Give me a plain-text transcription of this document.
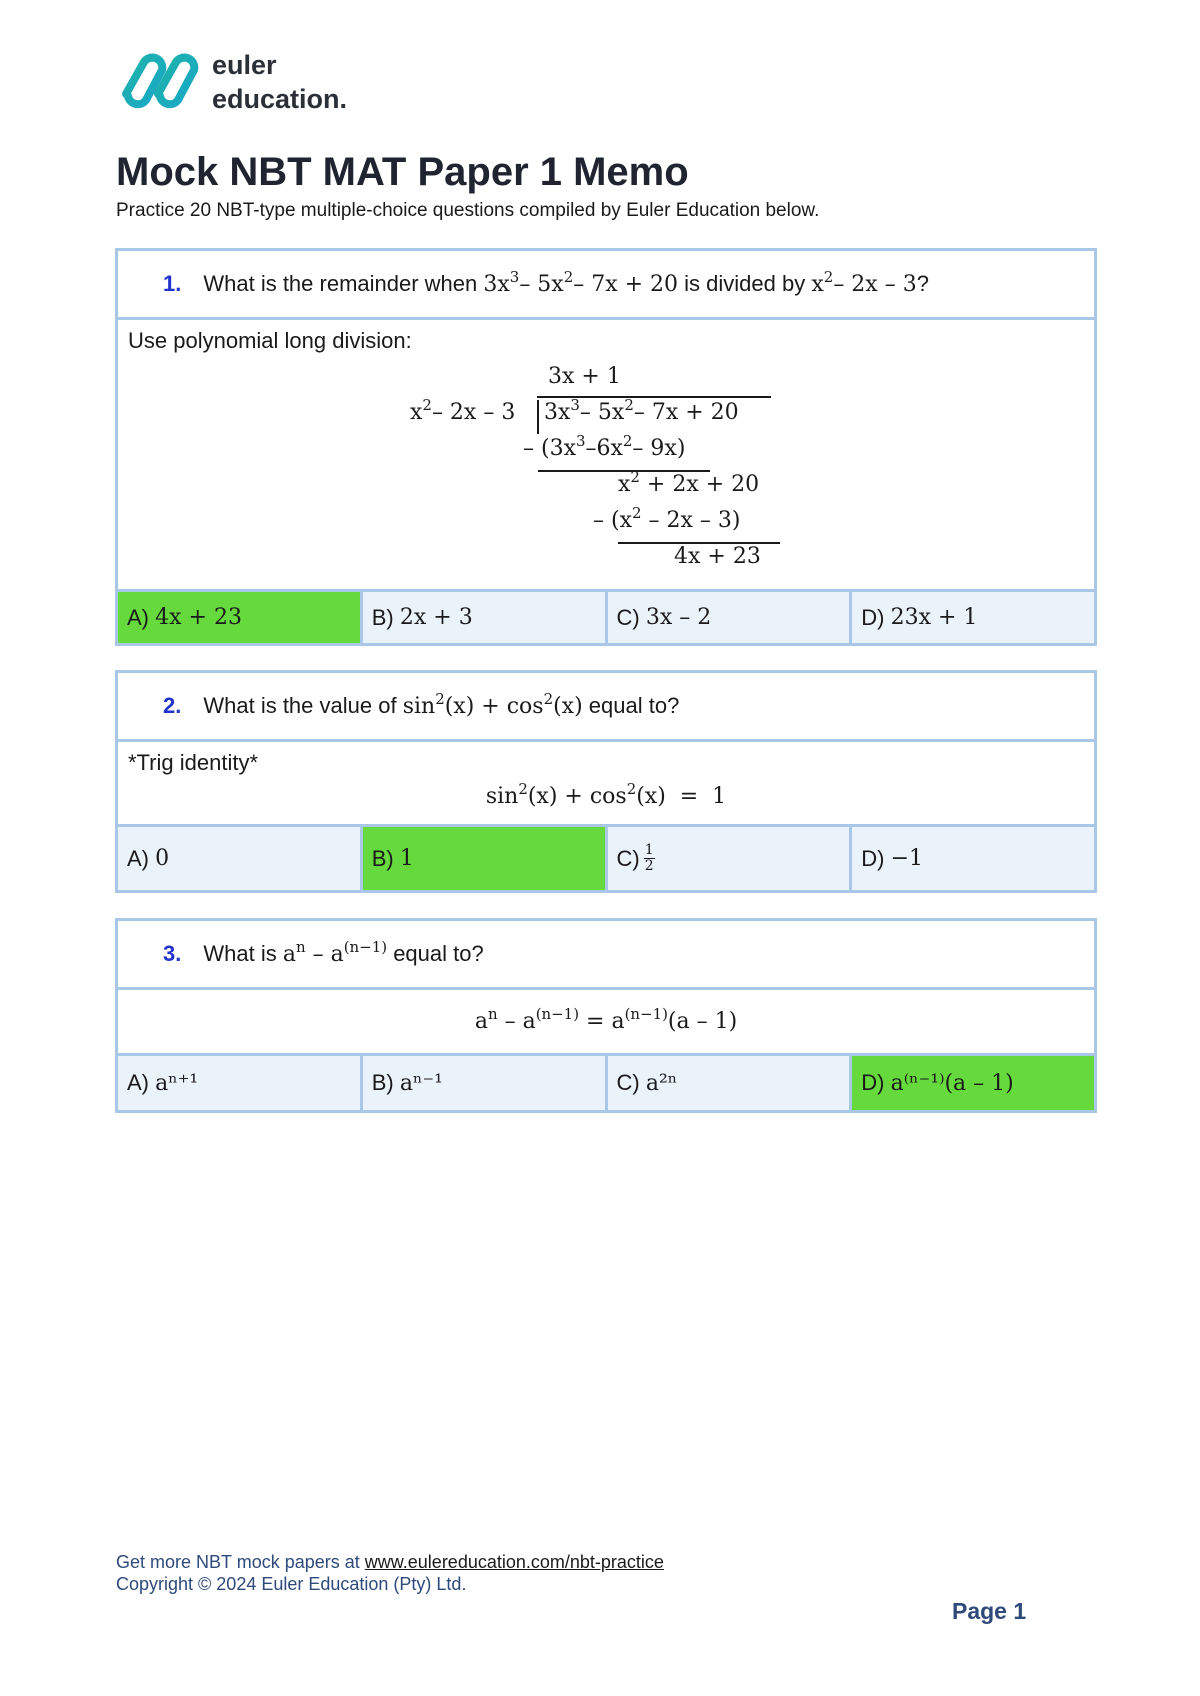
euler
education.
Mock NBT MAT Paper 1 Memo
Practice 20 NBT-type multiple-choice questions compiled by Euler Education below.
1. What is the remainder when $3x^3-$ $5x^2-$ 7x + 20 is divided by $x^2-$ 2x – 3?
Use polynomial long division:
3x + 1
$x^2-$ 2x – 3 $3x^3-$ $5x^2-$ 7x + 20
– ($3x^3-6x^2-$ 9x)
$x^2 + 2x + 20$
– $(x^2 - 2x - 3)$
4x + 23
A)
4x + 23	B)
2x + 3	C)
3x – 2	D)
23x + 1
2. What is the value of $\sin^2(x) + \cos^2(x)$ equal to?
*Trig identity*
$\sin^2(x) + \cos^2(x) = 1$
A)
0	B)
1	$C) \frac{1}{2}$	D)
−1
3. What is $a^n - a^{(n-1)}$ equal to?
$a^n - a^{(n-1)} = a^{(n-1)}(a - 1)$
A)
aⁿ⁺¹	B)
aⁿ⁻¹	C)
a²ⁿ	D)
a⁽ⁿ⁻¹⁾(a – 1)
Get more NBT mock papers at www.eulereducation.com/nbt-practice
Copyright © 2024 Euler Education (Pty) Ltd.
Page 1
